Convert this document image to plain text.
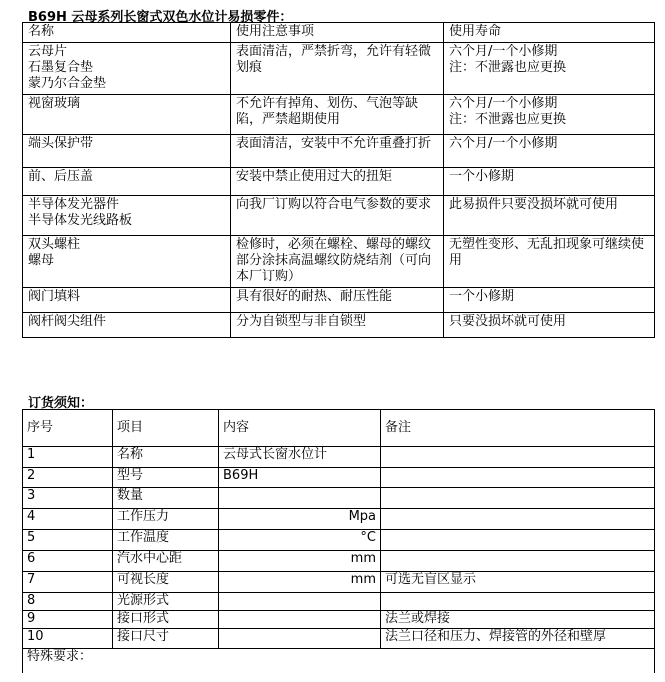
B69H 云母系列长窗式双色水位计易损零件：
名称	使用注意事项	使用寿命

云母片
石墨复合垫
蒙乃尔合金垫	表面清洁，严禁折弯，允许有轻微划痕	六个月/一个小修期
注：不泄露也应更换

视窗玻璃	不允许有掉角、划伤、气泡等缺陷，严禁超期使用	六个月/一个小修期
注：不泄露也应更换

端头保护带	表面清洁，安装中不允许重叠打折	六个月/一个小修期

前、后压盖	安装中禁止使用过大的扭矩	一个小修期

半导体发光器件
半导体发光线路板	向我厂订购以符合电气参数的要求	此易损件只要没损坏就可使用

双头螺柱
螺母	检修时，必须在螺栓、螺母的螺纹部分涂抹高温螺纹防烧结剂（可向本厂订购）	无塑性变形、无乱扣现象可继续使用

阀门填料	具有很好的耐热、耐压性能	一个小修期

阀杆阀尖组件	分为自锁型与非自锁型	只要没损坏就可使用
订货须知：
序号	项目	内容	备注
1	名称	云母式长窗水位计

2	型号	B69H

3	数量	

4	工作压力	Mpa	

5	工作温度	°C	

6	汽水中心距	mm	

7	可视长度	mm	可选无盲区显示
8	光源形式	

9	接口形式		法兰或焊接
10	接口尺寸		法兰口径和压力、焊接管的外径和壁厚
特殊要求：			
